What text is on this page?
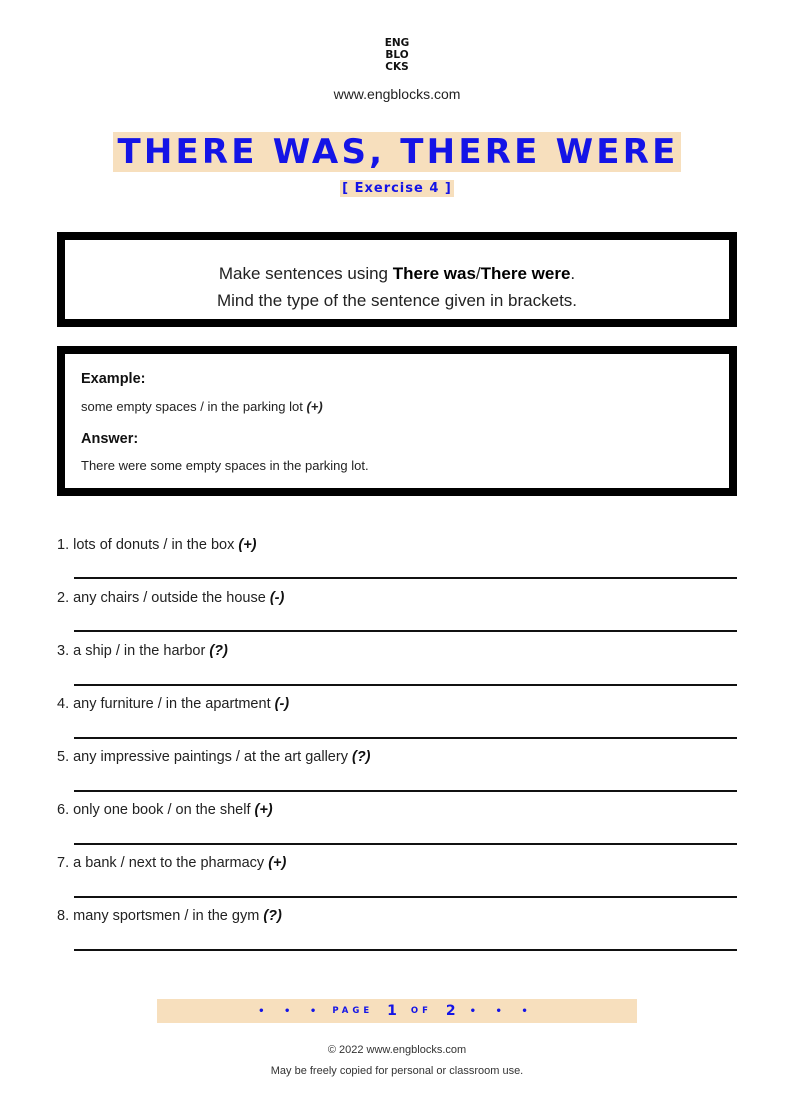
ENG
BLO
CKS
www.engblocks.com
THERE WAS, THERE WERE
[ Exercise 4 ]
Make sentences using There was/There were.
Mind the type of the sentence given in brackets.
Example:
some empty spaces / in the parking lot (+)
Answer:
There were some empty spaces in the parking lot.
1. lots of donuts / in the box (+)
2. any chairs / outside the house (-)
3. a ship / in the harbor (?)
4. any furniture / in the apartment (-)
5. any impressive paintings / at the art gallery (?)
6. only one book / on the shelf (+)
7. a bank / next to the pharmacy (+)
8. many sportsmen / in the gym (?)
• • • PAGE 1 OF 2 • • •
© 2022 www.engblocks.com
May be freely copied for personal or classroom use.
